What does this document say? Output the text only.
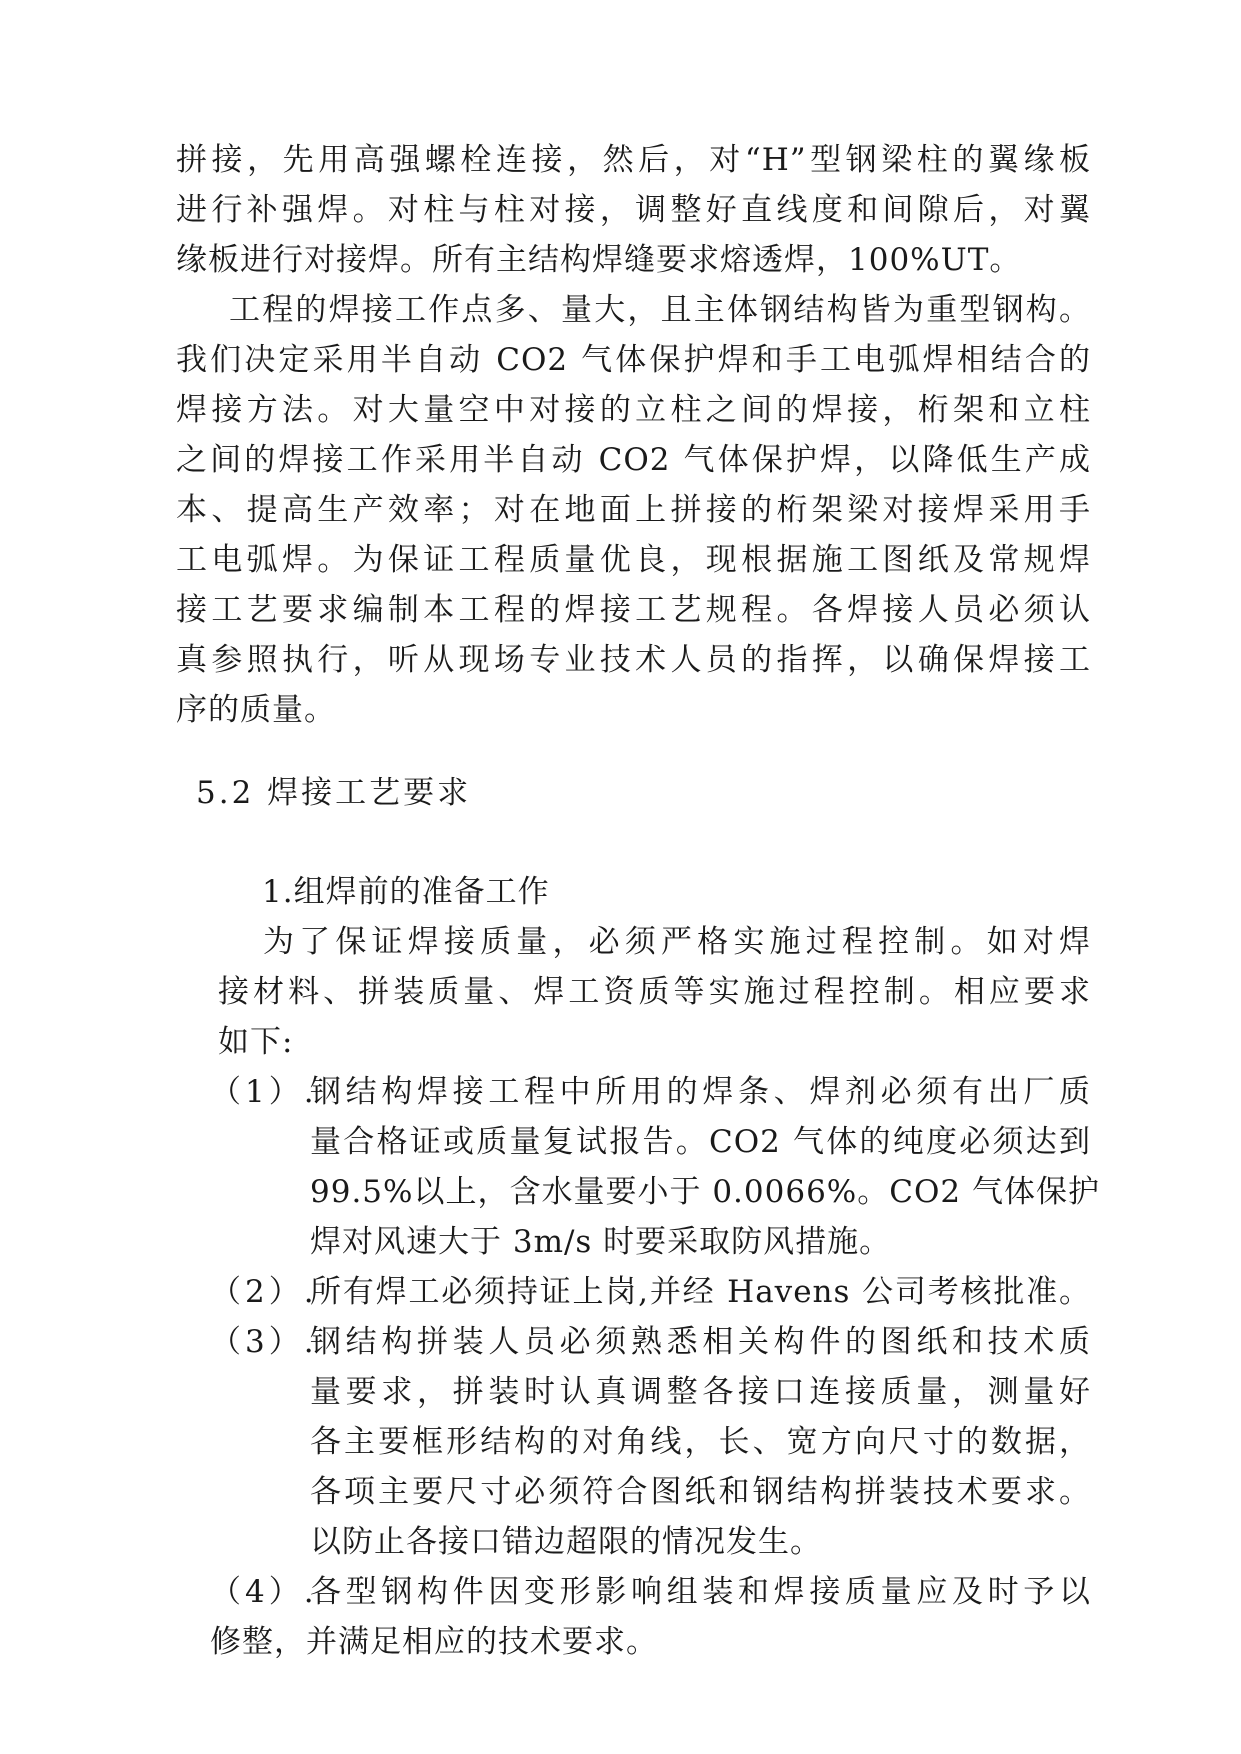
拼接，先用高强螺栓连接，然后，对“H”型钢梁柱的翼缘板
进行补强焊。对柱与柱对接，调整好直线度和间隙后，对翼
缘板进行对接焊。所有主结构焊缝要求熔透焊，100%UT。
工程的焊接工作点多、量大，且主体钢结构皆为重型钢构。
我们决定采用半自动 CO2 气体保护焊和手工电弧焊相结合的
焊接方法。对大量空中对接的立柱之间的焊接，桁架和立柱
之间的焊接工作采用半自动 CO2 气体保护焊，以降低生产成
本、提高生产效率；对在地面上拼接的桁架梁对接焊采用手
工电弧焊。为保证工程质量优良，现根据施工图纸及常规焊
接工艺要求编制本工程的焊接工艺规程。各焊接人员必须认
真参照执行，听从现场专业技术人员的指挥，以确保焊接工
序的质量。
5.2 焊接工艺要求
1.组焊前的准备工作
为了保证焊接质量，必须严格实施过程控制。如对焊
接材料、拼装质量、焊工资质等实施过程控制。相应要求
如下:
（1）.
钢结构焊接工程中所用的焊条、焊剂必须有出厂质
量合格证或质量复试报告。CO2 气体的纯度必须达到
99.5%以上，含水量要小于 0.0066%。CO2 气体保护
焊对风速大于 3m/s 时要采取防风措施。
（2）.
所有焊工必须持证上岗,并经 Havens 公司考核批准。
（3）.
钢结构拼装人员必须熟悉相关构件的图纸和技术质
量要求，拼装时认真调整各接口连接质量，测量好
各主要框形结构的对角线，长、宽方向尺寸的数据，
各项主要尺寸必须符合图纸和钢结构拼装技术要求。
以防止各接口错边超限的情况发生。
（4）.
各型钢构件因变形影响组装和焊接质量应及时予以
修整，并满足相应的技术要求。
